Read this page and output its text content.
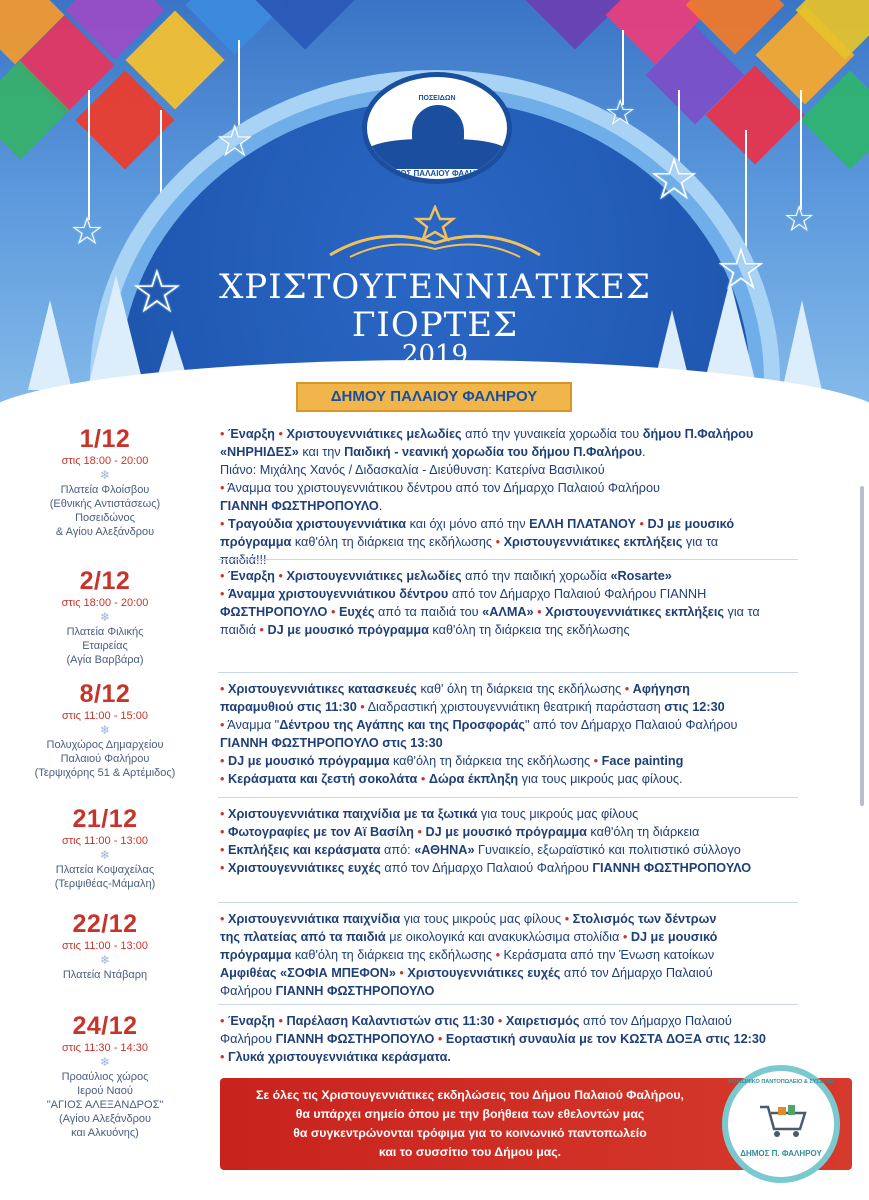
☆
☆
☆
☆
☆
☆
☆
ΠΟΣΕΙΔΩΝ
ΔΗΜΟΣ ΠΑΛΑΙΟΥ ΦΑΛΗΡΟΥ
ΧΡΙΣΤΟΥΓΕΝΝΙΑΤΙΚΕΣ
ΓΙΟΡΤΕΣ
2019
ΔΗΜΟΥ ΠΑΛΑΙΟΥ ΦΑΛΗΡΟΥ
1/12
στις 18:00 - 20:00
❄
Πλατεία Φλοίσβου
(Εθνικής Αντιστάσεως)
Ποσειδώνος
& Αγίου Αλεξάνδρου
• Έναρξη • Χριστουγεννιάτικες μελωδίες από την γυναικεία χορωδία του δήμου Π.Φαλήρου
«ΝΗΡΗΙΔΕΣ» και την Παιδική - νεανική χορωδία του δήμου Π.Φαλήρου.
Πιάνο: Μιχάλης Χανός / Διδασκαλία - Διεύθυνση: Κατερίνα Βασιλικού
• Άναμμα του χριστουγεννιάτικου δέντρου από τον Δήμαρχο Παλαιού Φαλήρου
ΓΙΑΝΝΗ ΦΩΣΤΗΡΟΠΟΥΛΟ.
• Τραγούδια χριστουγεννιάτικα και όχι μόνο από την ΕΛΛΗ ΠΛΑΤΑΝΟΥ • DJ με μουσικό
πρόγραμμα καθ'όλη τη διάρκεια της εκδήλωσης • Χριστουγεννιάτικες εκπλήξεις για τα
παιδιά!!!
2/12
στις 18:00 - 20:00
❄
Πλατεία Φιλικής
Εταιρείας
(Αγία Βαρβάρα)
• Έναρξη • Χριστουγεννιάτικες μελωδίες από την παιδική χορωδία «Rosarte»
• Άναμμα χριστουγεννιάτικου δέντρου από τον Δήμαρχο Παλαιού Φαλήρου ΓΙΑΝΝΗ
ΦΩΣΤΗΡΟΠΟΥΛΟ • Ευχές από τα παιδιά του «ΑΛΜΑ» • Χριστουγεννιάτικες εκπλήξεις για τα
παιδιά • DJ με μουσικό πρόγραμμα καθ'όλη τη διάρκεια της εκδήλωσης
8/12
στις 11:00 - 15:00
❄
Πολυχώρος Δημαρχείου
Παλαιού Φαλήρου
(Τερψιχόρης 51 & Αρτέμιδος)
• Χριστουγεννιάτικες κατασκευές καθ' όλη τη διάρκεια της εκδήλωσης • Αφήγηση
παραμυθιού στις 11:30 • Διαδραστική χριστουγεννιάτικη θεατρική παράσταση στις 12:30
• Άναμμα "Δέντρου της Αγάπης και της Προσφοράς" από τον Δήμαρχο Παλαιού Φαλήρου
ΓΙΑΝΝΗ ΦΩΣΤΗΡΟΠΟΥΛΟ στις 13:30
• DJ με μουσικό πρόγραμμα καθ'όλη τη διάρκεια της εκδήλωσης • Face painting
• Κεράσματα και ζεστή σοκολάτα • Δώρα έκπληξη για τους μικρούς μας φίλους.
21/12
στις 11:00 - 13:00
❄
Πλατεία Κοψαχείλας
(Τερψιθέας-Μάμαλη)
• Χριστουγεννιάτικα παιχνίδια με τα ξωτικά για τους μικρούς μας φίλους
• Φωτογραφίες με τον Αϊ Βασίλη • DJ με μουσικό πρόγραμμα καθ'όλη τη διάρκεια
• Εκπλήξεις και κεράσματα από: «ΑΘΗΝΑ» Γυναικείο, εξωραϊστικό και πολιτιστικό σύλλογο
• Χριστουγεννιάτικες ευχές από τον Δήμαρχο Παλαιού Φαλήρου ΓΙΑΝΝΗ ΦΩΣΤΗΡΟΠΟΥΛΟ
22/12
στις 11:00 - 13:00
❄
Πλατεία Ντάβαρη
• Χριστουγεννιάτικα παιχνίδια για τους μικρούς μας φίλους • Στολισμός των δέντρων
της πλατείας από τα παιδιά με οικολογικά και ανακυκλώσιμα στολίδια • DJ με μουσικό
πρόγραμμα καθ'όλη τη διάρκεια της εκδήλωσης • Κεράσματα από την Ένωση κατοίκων
Αμφιθέας «ΣΟΦΙΑ ΜΠΕΦΟΝ» • Χριστουγεννιάτικες ευχές από τον Δήμαρχο Παλαιού
Φαλήρου ΓΙΑΝΝΗ ΦΩΣΤΗΡΟΠΟΥΛΟ
24/12
στις 11:30 - 14:30
❄
Προαύλιος χώρος
Ιερού Ναού
"ΑΓΙΟΣ ΑΛΕΞΑΝΔΡΟΣ"
(Αγίου Αλεξάνδρου
και Αλκυόνης)
• Έναρξη • Παρέλαση Καλαντιστών στις 11:30 • Χαιρετισμός από τον Δήμαρχο Παλαιού
Φαλήρου ΓΙΑΝΝΗ ΦΩΣΤΗΡΟΠΟΥΛΟ • Εορταστική συναυλία με τον ΚΩΣΤΑ ΔΟΞΑ στις 12:30
• Γλυκά χριστουγεννιάτικα κεράσματα.
Σε όλες τις Χριστουγεννιάτικες εκδηλώσεις του Δήμου Παλαιού Φαλήρου,
θα υπάρχει σημείο όπου με την βοήθεια των εθελοντών μας
θα συγκεντρώνονται τρόφιμα για το κοινωνικό παντοπωλείο
και το συσσίτιο του Δήμου μας.	ΔΗΜΟΣ Π. ΦΑΛΗΡΟΥ
ΚΟΙΝΩΝΙΚΟ ΠΑΝΤΟΠΩΛΕΙΟ & ΣΥΣΣΙΤΙΟ
